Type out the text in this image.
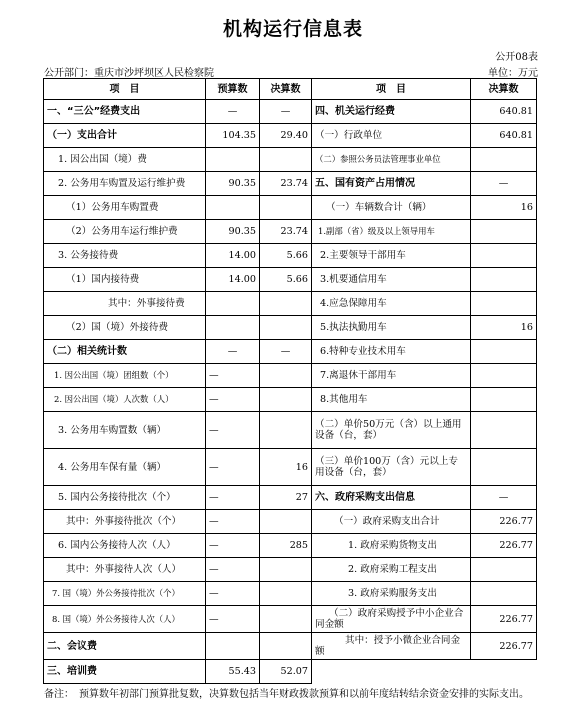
机构运行信息表
公开08表
公开部门：重庆市沙坪坝区人民检察院	单位：万元
项　目	预算数	决算数	项　目	决算数
一、“三公”经费支出	—	—	四、机关运行经费	640.81
（一）支出合计	104.35	29.40	（一）行政单位	640.81
1. 因公出国（境）费			（二）参照公务员法管理事业单位	
2. 公务用车购置及运行维护费	90.35	23.74	五、国有资产占用情况	—
（1）公务用车购置费			（一）车辆数合计（辆）	16
（2）公务用车运行维护费	90.35	23.74	1.副部（省）级及以上领导用车	
3. 公务接待费	14.00	5.66	2.主要领导干部用车	
（1）国内接待费	14.00	5.66	3.机要通信用车	
其中：外事接待费			4.应急保障用车	
（2）国（境）外接待费			5.执法执勤用车	16
（二）相关统计数	—	—	6.特种专业技术用车	
1. 因公出国（境）团组数（个）	—		7.离退休干部用车	
2. 因公出国（境）人次数（人）	—		8.其他用车	
3. 公务用车购置数（辆）	—		（二）单价50万元（含）以上通用设备（台，套）	
4. 公务用车保有量（辆）	—	16	（三）单价100万（含）元以上专用设备（台，套）	
5. 国内公务接待批次（个）	—	27	六、政府采购支出信息	—
其中：外事接待批次（个）	—		（一）政府采购支出合计	226.77
6. 国内公务接待人次（人）	—	285	1. 政府采购货物支出	226.77
其中：外事接待人次（人）	—		2. 政府采购工程支出	
7. 国（境）外公务接待批次（个）	—		3. 政府采购服务支出	
8. 国（境）外公务接待人次（人）	—		（二）政府采购授予中小企业合同金额	226.77
二、会议费			其中：授予小微企业合同金额	226.77
三、培训费	55.43	52.07		
备注：　预算数年初部门预算批复数，决算数包括当年财政拨款预算和以前年度结转结余资金安排的实际支出。
